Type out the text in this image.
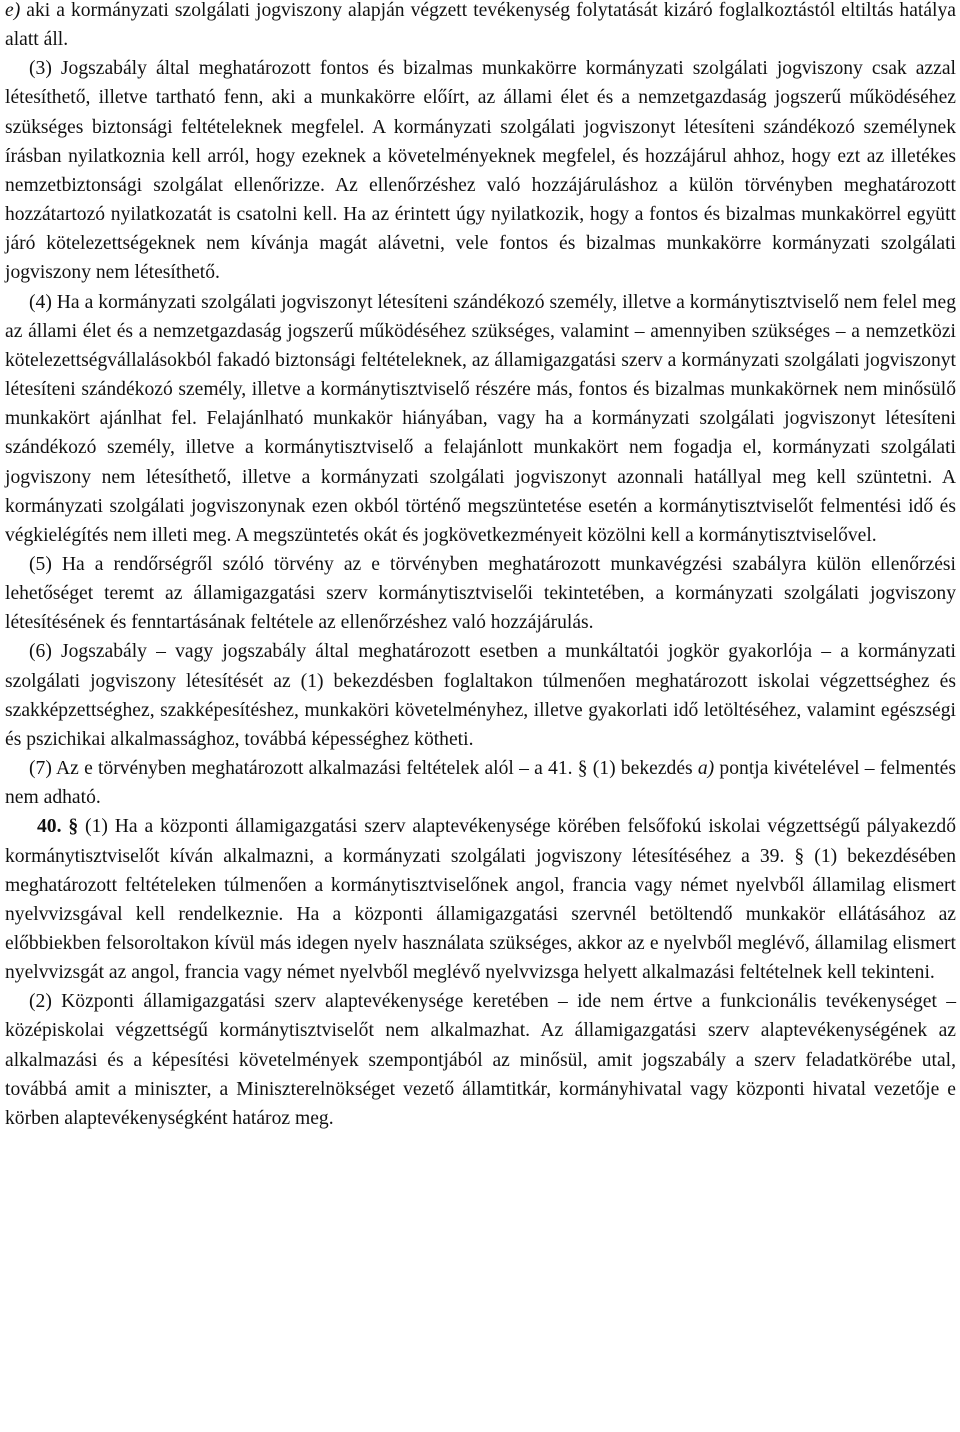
e) aki a kormányzati szolgálati jogviszony alapján végzett tevékenység folytatását kizáró foglalkoztástól eltiltás hatálya alatt áll.

(3) Jogszabály által meghatározott fontos és bizalmas munkakörre kormányzati szolgálati jogviszony csak azzal létesíthető, illetve tartható fenn, aki a munkakörre előírt, az állami élet és a nemzetgazdaság jogszerű működéséhez szükséges biztonsági feltételeknek megfelel. A kormányzati szolgálati jogviszonyt létesíteni szándékozó személynek írásban nyilatkoznia kell arról, hogy ezeknek a követelményeknek megfelel, és hozzájárul ahhoz, hogy ezt az illetékes nemzetbiztonsági szolgálat ellenőrizze. Az ellenőrzéshez való hozzájáruláshoz a külön törvényben meghatározott hozzátartozó nyilatkozatát is csatolni kell. Ha az érintett úgy nyilatkozik, hogy a fontos és bizalmas munkakörrel együtt járó kötelezettségeknek nem kívánja magát alávetni, vele fontos és bizalmas munkakörre kormányzati szolgálati jogviszony nem létesíthető.

(4) Ha a kormányzati szolgálati jogviszonyt létesíteni szándékozó személy, illetve a kormánytisztviselő nem felel meg az állami élet és a nemzetgazdaság jogszerű működéséhez szükséges, valamint – amennyiben szükséges – a nemzetközi kötelezettségvállalásokból fakadó biztonsági feltételeknek, az államigazgatási szerv a kormányzati szolgálati jogviszonyt létesíteni szándékozó személy, illetve a kormánytisztviselő részére más, fontos és bizalmas munkakörnek nem minősülő munkakört ajánlhat fel. Felajánlható munkakör hiányában, vagy ha a kormányzati szolgálati jogviszonyt létesíteni szándékozó személy, illetve a kormánytisztviselő a felajánlott munkakört nem fogadja el, kormányzati szolgálati jogviszony nem létesíthető, illetve a kormányzati szolgálati jogviszonyt azonnali hatállyal meg kell szüntetni. A kormányzati szolgálati jogviszonynak ezen okból történő megszüntetése esetén a kormánytisztviselőt felmentési idő és végkielégítés nem illeti meg. A megszüntetés okát és jogkövetkezményeit közölni kell a kormánytisztviselővel.

(5) Ha a rendőrségről szóló törvény az e törvényben meghatározott munkavégzési szabályra külön ellenőrzési lehetőséget teremt az államigazgatási szerv kormánytisztviselői tekintetében, a kormányzati szolgálati jogviszony létesítésének és fenntartásának feltétele az ellenőrzéshez való hozzájárulás.

(6) Jogszabály – vagy jogszabály által meghatározott esetben a munkáltatói jogkör gyakorlója – a kormányzati szolgálati jogviszony létesítését az (1) bekezdésben foglaltakon túlmenően meghatározott iskolai végzettséghez és szakképzettséghez, szakképesítéshez, munkaköri követelményhez, illetve gyakorlati idő letöltéséhez, valamint egészségi és pszichikai alkalmassághoz, továbbá képességhez kötheti.

(7) Az e törvényben meghatározott alkalmazási feltételek alól – a 41. § (1) bekezdés a) pontja kivételével – felmentés nem adható.

40. § (1) Ha a központi államigazgatási szerv alaptevékenysége körében felsőfokú iskolai végzettségű pályakezdő kormánytisztviselőt kíván alkalmazni, a kormányzati szolgálati jogviszony létesítéséhez a 39. § (1) bekezdésében meghatározott feltételeken túlmenően a kormánytisztviselőnek angol, francia vagy német nyelvből államilag elismert nyelvvizsgával kell rendelkeznie. Ha a központi államigazgatási szervnél betöltendő munkakör ellátásához az előbbiekben felsoroltakon kívül más idegen nyelv használata szükséges, akkor az e nyelvből meglévő, államilag elismert nyelvvizsgát az angol, francia vagy német nyelvből meglévő nyelvvizsga helyett alkalmazási feltételnek kell tekinteni.

(2) Központi államigazgatási szerv alaptevékenysége keretében – ide nem értve a funkcionális tevékenységet – középiskolai végzettségű kormánytisztviselőt nem alkalmazhat. Az államigazgatási szerv alaptevékenységének az alkalmazási és a képesítési követelmények szempontjából az minősül, amit jogszabály a szerv feladatkörébe utal, továbbá amit a miniszter, a Miniszterelnökséget vezető államtitkár, kormányhivatal vagy központi hivatal vezetője e körben alaptevékenységként határoz meg.
